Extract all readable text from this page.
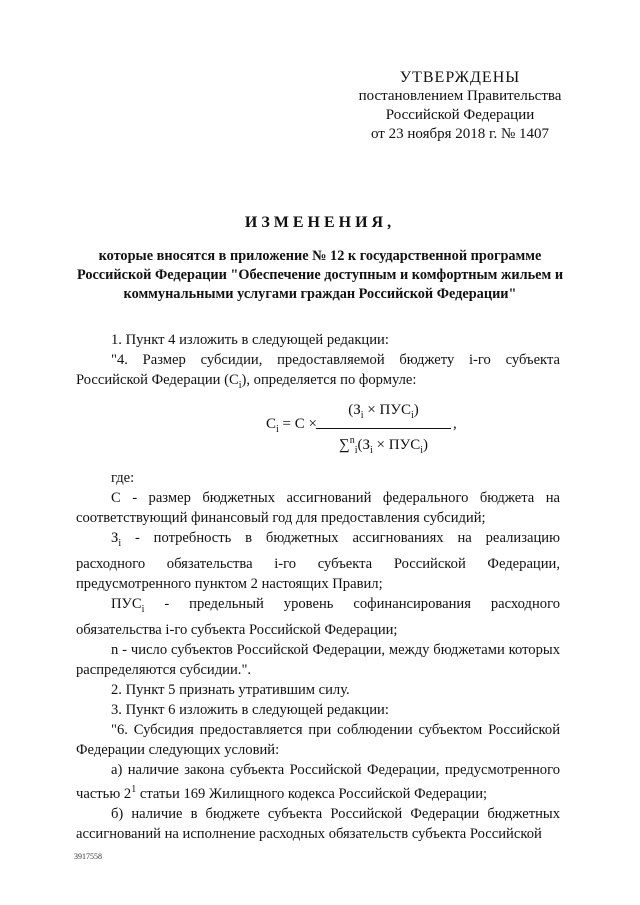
УТВЕРЖДЕНЫ
постановлением Правительства
Российской Федерации
от 23 ноября 2018 г. № 1407
ИЗМЕНЕНИЯ,
которые вносятся в приложение № 12 к государственной программе Российской Федерации "Обеспечение доступным и комфортным жильем и коммунальными услугами граждан Российской Федерации"

1. Пункт 4 изложить в следующей редакции:

"4. Размер субсидии, предоставляемой бюджету i-го субъекта Российской Федерации $(C_i)$, определяется по формуле:

$C_i = C$ ×
$(З_i \times ПУС_i)$
$\sum^n_i(З_i \times ПУС_i)$
,

где:

C - размер бюджетных ассигнований федерального бюджета на соответствующий финансовый год для предоставления субсидий;

$З_i$ - потребность в бюджетных ассигнованиях на реализацию расходного обязательства i-го субъекта Российской Федерации, предусмотренного пунктом 2 настоящих Правил;

$ПУС_i$ - предельный уровень софинансирования расходного обязательства i-го субъекта Российской Федерации;

n - число субъектов Российской Федерации, между бюджетами которых распределяются субсидии.".

2. Пункт 5 признать утратившим силу.

3. Пункт 6 изложить в следующей редакции:

"6. Субсидия предоставляется при соблюдении субъектом Российской Федерации следующих условий:

а) наличие закона субъекта Российской Федерации, предусмотренного частью $2^1$ статьи 169 Жилищного кодекса Российской Федерации;

б) наличие в бюджете субъекта Российской Федерации бюджетных ассигнований на исполнение расходных обязательств субъекта Российской

3917558
